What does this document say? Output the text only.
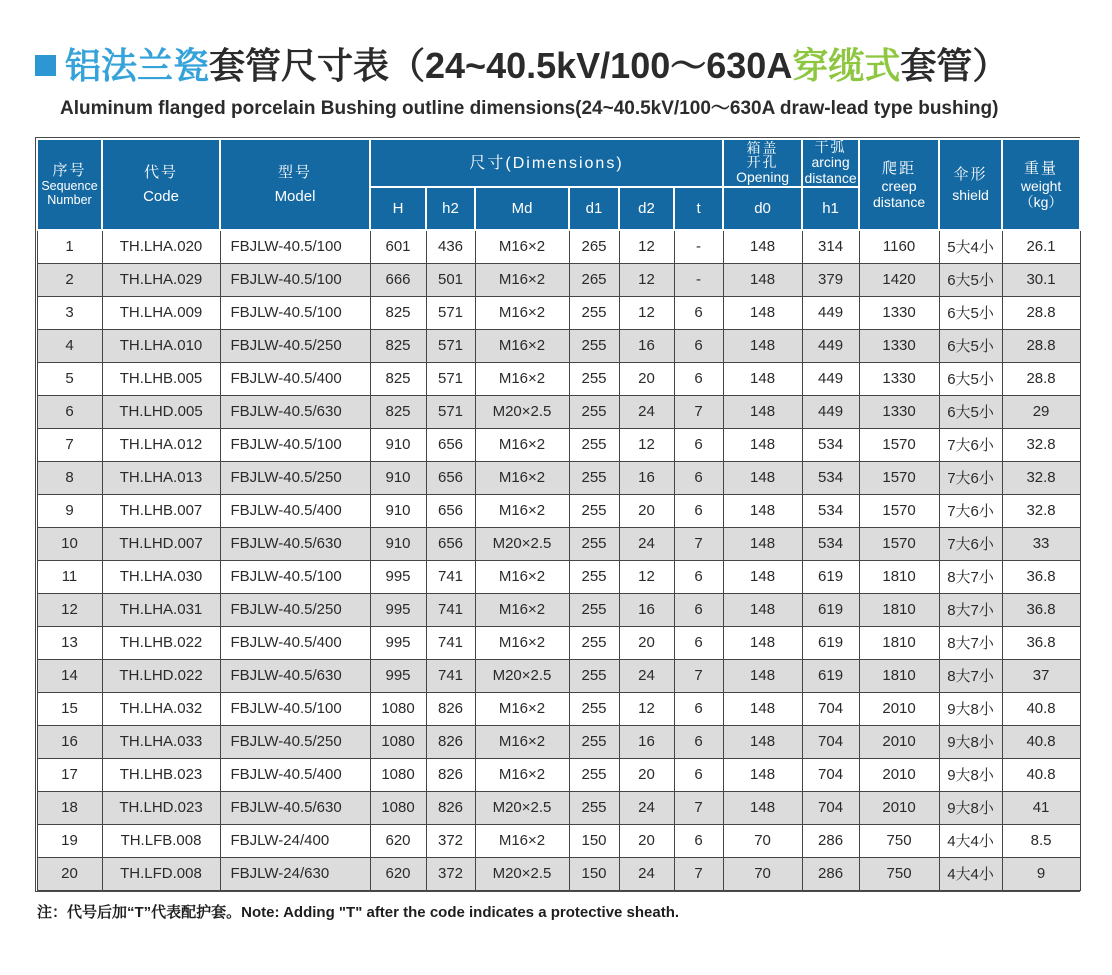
铝法兰瓷套管尺寸表（24~40.5kV/100～630A穿缆式套管）
Aluminum flanged porcelain Bushing outline dimensions(24~40.5kV/100～630A draw-lead type bushing)
序号
Sequence
Number

代号
Code

型号
Model

尺寸(Dimensions)

箱盖
开孔
Opening

干弧
arcing
distance

爬距
creep
distance

伞形
shield

重量
weight
（kg）

			H	h2	Md	d1	d2	t	d0	h1			
1	TH.LHA.020	FBJLW-40.5/100	601	436	M16×2	265	12	-	148	314	1160	5大4小	26.1
2	TH.LHA.029	FBJLW-40.5/100	666	501	M16×2	265	12	-	148	379	1420	6大5小	30.1
3	TH.LHA.009	FBJLW-40.5/100	825	571	M16×2	255	12	6	148	449	1330	6大5小	28.8
4	TH.LHA.010	FBJLW-40.5/250	825	571	M16×2	255	16	6	148	449	1330	6大5小	28.8
5	TH.LHB.005	FBJLW-40.5/400	825	571	M16×2	255	20	6	148	449	1330	6大5小	28.8
6	TH.LHD.005	FBJLW-40.5/630	825	571	M20×2.5	255	24	7	148	449	1330	6大5小	29
7	TH.LHA.012	FBJLW-40.5/100	910	656	M16×2	255	12	6	148	534	1570	7大6小	32.8
8	TH.LHA.013	FBJLW-40.5/250	910	656	M16×2	255	16	6	148	534	1570	7大6小	32.8
9	TH.LHB.007	FBJLW-40.5/400	910	656	M16×2	255	20	6	148	534	1570	7大6小	32.8
10	TH.LHD.007	FBJLW-40.5/630	910	656	M20×2.5	255	24	7	148	534	1570	7大6小	33
11	TH.LHA.030	FBJLW-40.5/100	995	741	M16×2	255	12	6	148	619	1810	8大7小	36.8
12	TH.LHA.031	FBJLW-40.5/250	995	741	M16×2	255	16	6	148	619	1810	8大7小	36.8
13	TH.LHB.022	FBJLW-40.5/400	995	741	M16×2	255	20	6	148	619	1810	8大7小	36.8
14	TH.LHD.022	FBJLW-40.5/630	995	741	M20×2.5	255	24	7	148	619	1810	8大7小	37
15	TH.LHA.032	FBJLW-40.5/100	1080	826	M16×2	255	12	6	148	704	2010	9大8小	40.8
16	TH.LHA.033	FBJLW-40.5/250	1080	826	M16×2	255	16	6	148	704	2010	9大8小	40.8
17	TH.LHB.023	FBJLW-40.5/400	1080	826	M16×2	255	20	6	148	704	2010	9大8小	40.8
18	TH.LHD.023	FBJLW-40.5/630	1080	826	M20×2.5	255	24	7	148	704	2010	9大8小	41
19	TH.LFB.008	FBJLW-24/400	620	372	M16×2	150	20	6	70	286	750	4大4小	8.5
20	TH.LFD.008	FBJLW-24/630	620	372	M20×2.5	150	24	7	70	286	750	4大4小	9
注：代号后加“T”代表配护套。Note: Adding "T" after the code indicates a protective sheath.
